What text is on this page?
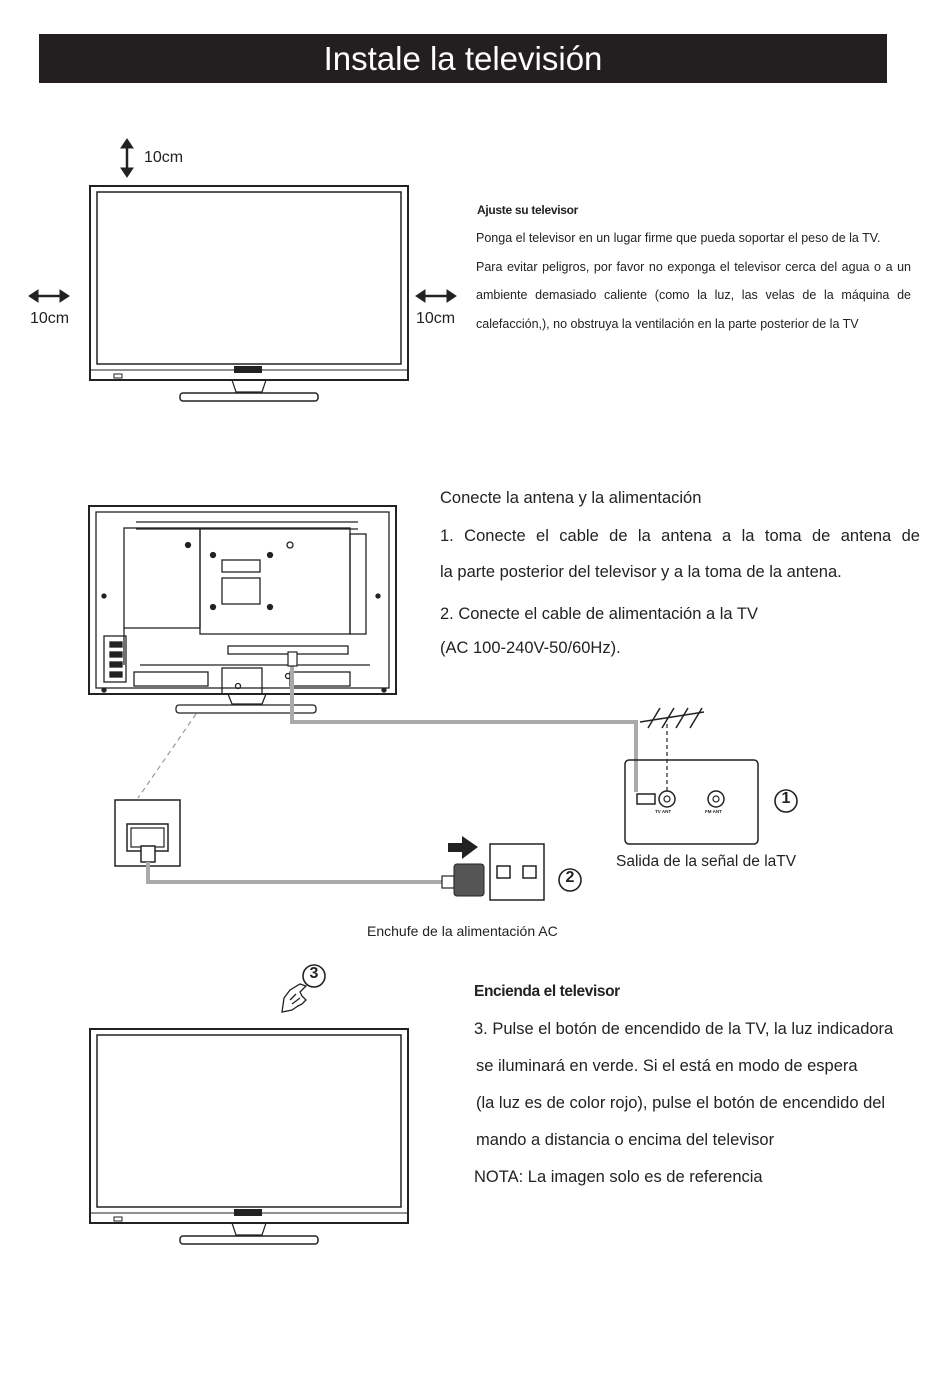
Instale la televisión
10cm
10cm	10cm
Ajuste su televisor

Ponga el televisor en un lugar firme que pueda soportar el peso de la TV.

Para evitar peligros, por favor no exponga el televisor cerca del agua o a un ambiente demasiado caliente (como la luz, las velas de la máquina de calefacción,), no obstruya la ventilación en la parte posterior de la TV

TV ANT	FM ANT
1
2
Salida de la señal de laTV
Enchufe de la alimentación AC

Conecte la antena y la alimentación

1. Conecte el cable de la antena a la toma de antena de

la parte posterior del televisor y a la toma de la antena.

2. Conecte el cable de alimentación a la TV

(AC 100-240V-50/60Hz).

3

Encienda el televisor

3. Pulse el botón de encendido de la TV, la luz indicadora

se iluminará en verde. Si el está en modo de espera

(la luz es de color rojo), pulse el botón de encendido del

mando a distancia o encima del televisor

NOTA: La imagen solo es de referencia
